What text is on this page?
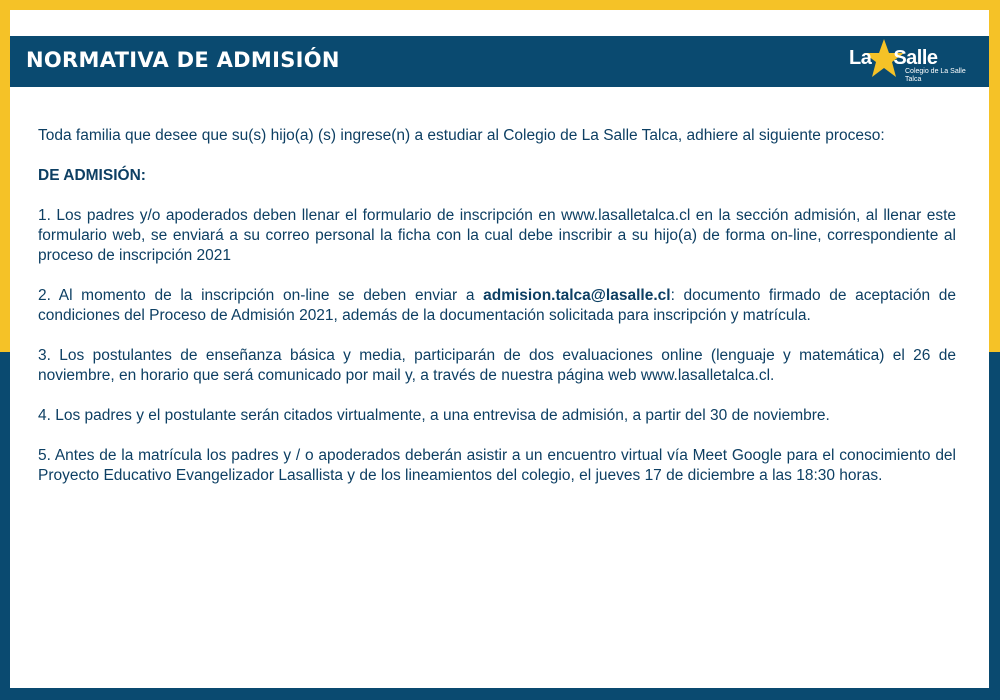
NORMATIVA DE ADMISIÓN	La Salle
Colegio de La Salle
Talca

Toda familia que desee que su(s) hijo(a) (s) ingrese(n) a estudiar al Colegio de La Salle Talca, adhiere al siguiente proceso:

DE ADMISIÓN:

1. Los padres y/o apoderados deben llenar el formulario de inscripción en www.lasalletalca.cl en la sección admisión, al llenar este formulario web, se enviará a su correo personal la ficha con la cual debe inscribir a su hijo(a) de forma on-line, correspondiente al proceso de inscripción 2021

2. Al momento de la inscripción on-line se deben enviar a admision.talca@lasalle.cl: documento firmado de aceptación de condiciones del Proceso de Admisión 2021, además de la documentación solicitada para inscripción y matrícula.

3. Los postulantes de enseñanza básica y media, participarán de dos evaluaciones online (lenguaje y matemática) el 26 de noviembre, en horario que será comunicado por mail y, a través de nuestra página web www.lasalletalca.cl.

4. Los padres y el postulante serán citados virtualmente, a una entrevisa de admisión, a partir del 30 de noviembre.

5. Antes de la matrícula los padres y / o apoderados deberán asistir a un encuentro virtual vía Meet Google para el conocimiento del Proyecto Educativo Evangelizador Lasallista y de los lineamientos del colegio, el jueves 17 de diciembre a las 18:30 horas.
